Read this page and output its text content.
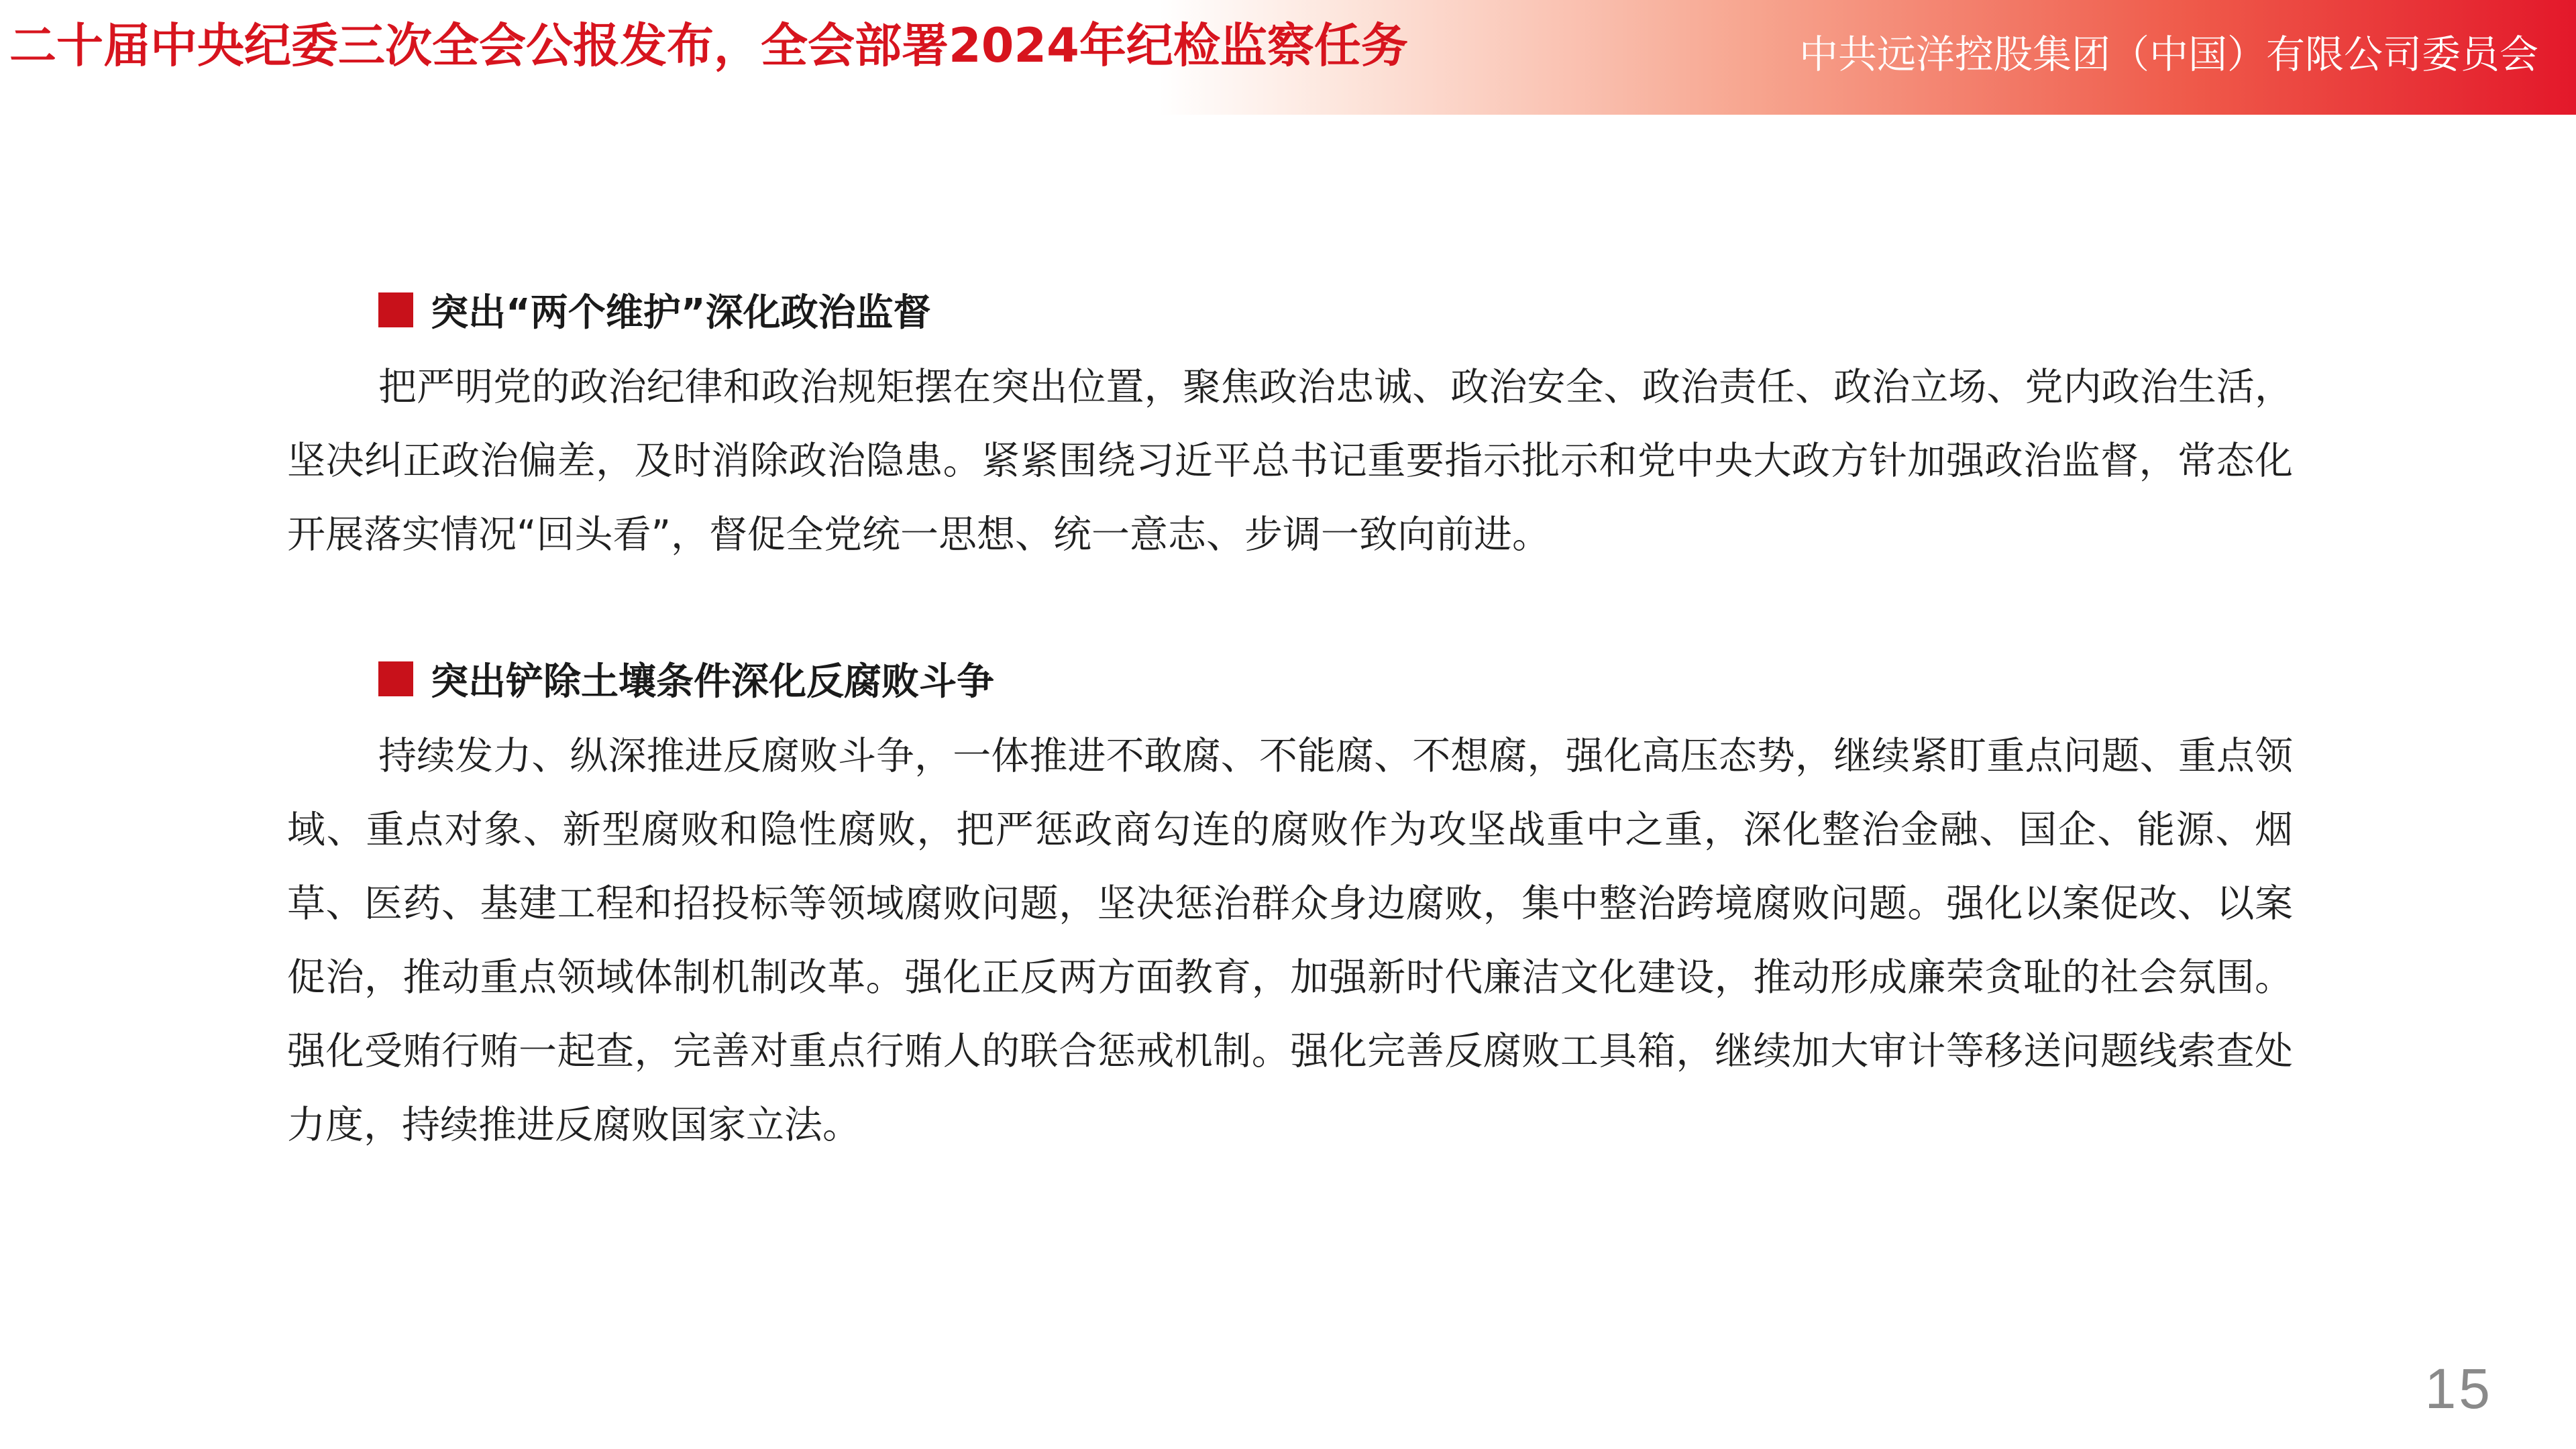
二十届中央纪委三次全会公报发布，全会部署2024年纪检监察任务	中共远洋控股集团（中国）有限公司委员会
突出“两个维护”深化政治监督
把严明党的政治纪律和政治规矩摆在突出位置，聚焦政治忠诚、政治安全、政治责任、政治立场、党内政治生活，坚决纠正政治偏差，及时消除政治隐患。紧紧围绕习近平总书记重要指示批示和党中央大政方针加强政治监督，常态化开展落实情况“回头看”，督促全党统一思想、统一意志、步调一致向前进。
突出铲除土壤条件深化反腐败斗争
持续发力、纵深推进反腐败斗争，一体推进不敢腐、不能腐、不想腐，强化高压态势，继续紧盯重点问题、重点领域、重点对象、新型腐败和隐性腐败，把严惩政商勾连的腐败作为攻坚战重中之重，深化整治金融、国企、能源、烟草、医药、基建工程和招投标等领域腐败问题，坚决惩治群众身边腐败，集中整治跨境腐败问题。强化以案促改、以案促治，推动重点领域体制机制改革。强化正反两方面教育，加强新时代廉洁文化建设，推动形成廉荣贪耻的社会氛围。强化受贿行贿一起查，完善对重点行贿人的联合惩戒机制。强化完善反腐败工具箱，继续加大审计等移送问题线索查处力度，持续推进反腐败国家立法。
15
